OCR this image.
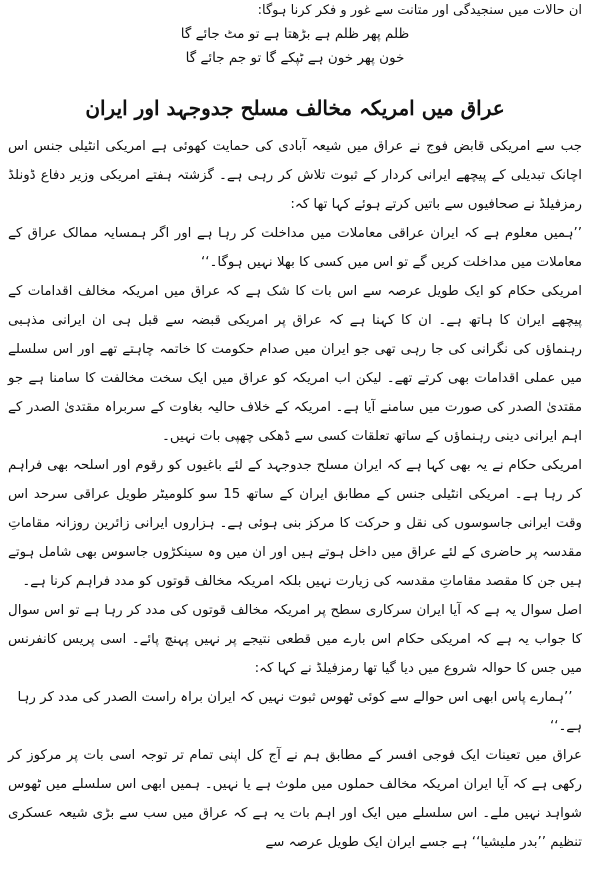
ان حالات میں سنجیدگی اور متانت سے غور و فکر کرنا ہوگا:
ظلم پھر ظلم ہے بڑھتا ہے تو مٹ جائے گا
خون پھر خون ہے ٹپکے گا تو جم جائے گا
عراق میں امریکہ مخالف مسلح جدوجہد اور ایران

جب سے امریکی قابض فوج نے عراق میں شیعہ آبادی کی حمایت کھوئی ہے امریکی انٹیلی جنس اس اچانک تبدیلی کے پیچھے ایرانی کردار کے ثبوت تلاش کر رہی ہے۔ گزشتہ ہفتے امریکی وزیر دفاع ڈونلڈ رمزفیلڈ نے صحافیوں سے باتیں کرتے ہوئے کہا تھا کہ:

’’ہمیں معلوم ہے کہ ایران عراقی معاملات میں مداخلت کر رہا ہے اور اگر ہمسایہ ممالک عراق کے معاملات میں مداخلت کریں گے تو اس میں کسی کا بھلا نہیں ہوگا۔‘‘

امریکی حکام کو ایک طویل عرصہ سے اس بات کا شک ہے کہ عراق میں امریکہ مخالف اقدامات کے پیچھے ایران کا ہاتھ ہے۔ ان کا کہنا ہے کہ عراق پر امریکی قبضہ سے قبل ہی ان ایرانی مذہبی رہنماؤں کی نگرانی کی جا رہی تھی جو ایران میں صدام حکومت کا خاتمہ چاہتے تھے اور اس سلسلے میں عملی اقدامات بھی کرتے تھے۔ لیکن اب امریکہ کو عراق میں ایک سخت مخالفت کا سامنا ہے جو مقتدیٰ الصدر کی صورت میں سامنے آیا ہے۔ امریکہ کے خلاف حالیہ بغاوت کے سربراہ مقتدیٰ الصدر کے اہم ایرانی دینی رہنماؤں کے ساتھ تعلقات کسی سے ڈھکی چھپی بات نہیں۔

امریکی حکام نے یہ بھی کہا ہے کہ ایران مسلح جدوجہد کے لئے باغیوں کو رقوم اور اسلحہ بھی فراہم کر رہا ہے۔ امریکی انٹیلی جنس کے مطابق ایران کے ساتھ 15 سو کلومیٹر طویل عراقی سرحد اس وقت ایرانی جاسوسوں کی نقل و حرکت کا مرکز بنی ہوئی ہے۔ ہزاروں ایرانی زائرین روزانہ مقاماتِ مقدسہ پر حاضری کے لئے عراق میں داخل ہوتے ہیں اور ان میں وہ سینکڑوں جاسوس بھی شامل ہوتے ہیں جن کا مقصد مقاماتِ مقدسہ کی زیارت نہیں بلکہ امریکہ مخالف قوتوں کو مدد فراہم کرنا ہے۔

اصل سوال یہ ہے کہ آیا ایران سرکاری سطح پر امریکہ مخالف قوتوں کی مدد کر رہا ہے تو اس سوال کا جواب یہ ہے کہ امریکی حکام اس بارے میں قطعی نتیجے پر نہیں پہنچ پائے۔ اسی پریس کانفرنس میں جس کا حوالہ شروع میں دیا گیا تھا رمزفیلڈ نے کہا کہ:

’’ہمارے پاس ابھی اس حوالے سے کوئی ٹھوس ثبوت نہیں کہ ایران براہ راست الصدر کی مدد کر رہا ہے۔‘‘

عراق میں تعینات ایک فوجی افسر کے مطابق ہم نے آج کل اپنی تمام تر توجہ اسی بات پر مرکوز کر رکھی ہے کہ آیا ایران امریکہ مخالف حملوں میں ملوث ہے یا نہیں۔ ہمیں ابھی اس سلسلے میں ٹھوس شواہد نہیں ملے۔ اس سلسلے میں ایک اور اہم بات یہ ہے کہ عراق میں سب سے بڑی شیعہ عسکری تنظیم ’’بدر ملیشیا‘‘ ہے جسے ایران ایک طویل عرصہ سے
